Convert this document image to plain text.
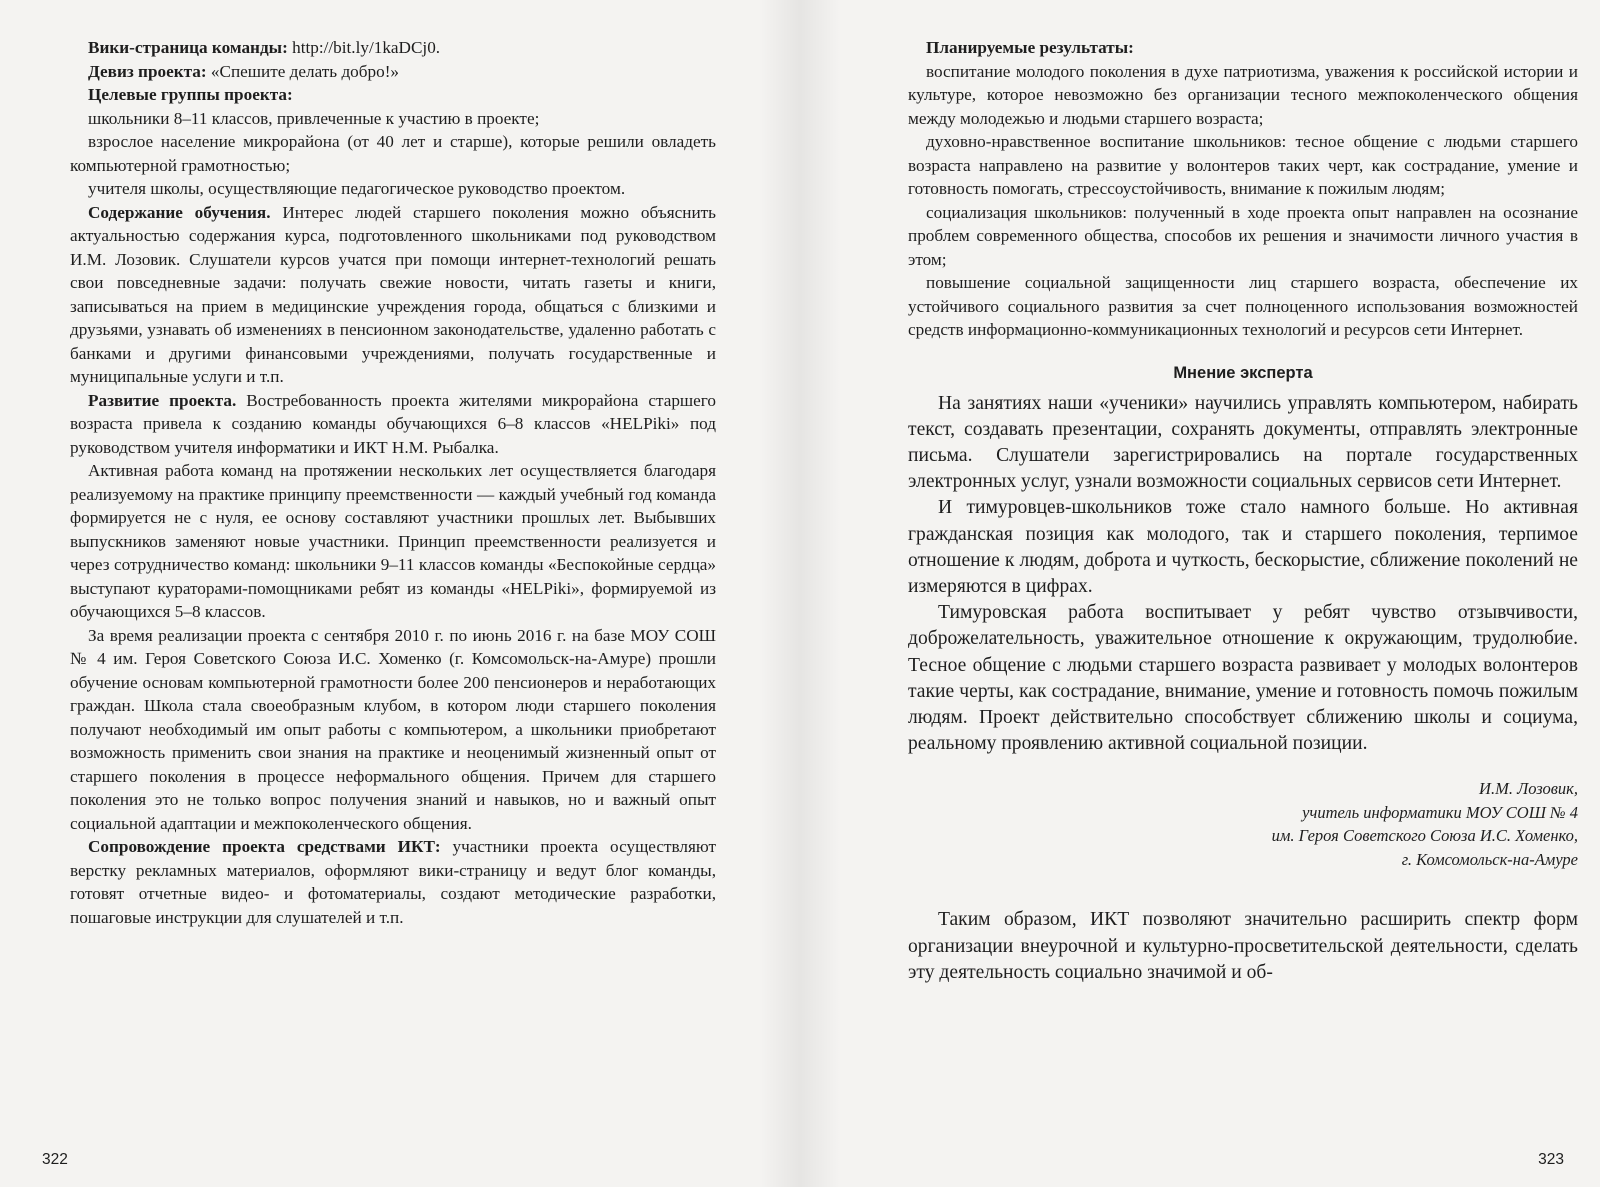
Вики-страница команды: http://bit.ly/1kaDCj0.

Девиз проекта: «Спешите делать добро!»

Целевые группы проекта:

школьники 8–11 классов, привлеченные к участию в проекте;

взрослое население микрорайона (от 40 лет и старше), которые решили овладеть компьютерной грамотностью;

учителя школы, осуществляющие педагогическое руководство проектом.

Содержание обучения. Интерес людей старшего поколения можно объяснить актуальностью содержания курса, подготовленного школьниками под руководством И.М. Лозовик. Слушатели курсов учатся при помощи интернет-технологий решать свои повседневные задачи: получать свежие новости, читать газеты и книги, записываться на прием в медицинские учреждения города, общаться с близкими и друзьями, узнавать об изменениях в пенсионном законодательстве, удаленно работать с банками и другими финансовыми учреждениями, получать государственные и муниципальные услуги и т.п.

Развитие проекта. Востребованность проекта жителями микрорайона старшего возраста привела к созданию команды обучающихся 6–8 классов «HELPiki» под руководством учителя информатики и ИКТ Н.М. Рыбалка.

Активная работа команд на протяжении нескольких лет осуществляется благодаря реализуемому на практике принципу преемственности — каждый учебный год команда формируется не с нуля, ее основу составляют участники прошлых лет. Выбывших выпускников заменяют новые участники. Принцип преемственности реализуется и через сотрудничество команд: школьники 9–11 классов команды «Беспокойные сердца» выступают кураторами-помощниками ребят из команды «HELPiki», формируемой из обучающихся 5–8 классов.

За время реализации проекта с сентября 2010 г. по июнь 2016 г. на базе МОУ СОШ № 4 им. Героя Советского Союза И.С. Хоменко (г. Комсомольск-на-Амуре) прошли обучение основам компьютерной грамотности более 200 пенсионеров и неработающих граждан. Школа стала своеобразным клубом, в котором люди старшего поколения получают необходимый им опыт работы с компьютером, а школьники приобретают возможность применить свои знания на практике и неоценимый жизненный опыт от старшего поколения в процессе неформального общения. Причем для старшего поколения это не только вопрос получения знаний и навыков, но и важный опыт социальной адаптации и межпоколенческого общения.

Сопровождение проекта средствами ИКТ: участники проекта осуществляют верстку рекламных материалов, оформляют вики-страницу и ведут блог команды, готовят отчетные видео- и фотоматериалы, создают методические разработки, пошаговые инструкции для слушателей и т.п.

322

Планируемые результаты:

воспитание молодого поколения в духе патриотизма, уважения к российской истории и культуре, которое невозможно без организации тесного межпоколенческого общения между молодежью и людьми старшего возраста;

духовно-нравственное воспитание школьников: тесное общение с людьми старшего возраста направлено на развитие у волонтеров таких черт, как сострадание, умение и готовность помогать, стрессоустойчивость, внимание к пожилым людям;

социализация школьников: полученный в ходе проекта опыт направлен на осознание проблем современного общества, способов их решения и значимости личного участия в этом;

повышение социальной защищенности лиц старшего возраста, обеспечение их устойчивого социального развития за счет полноценного использования возможностей средств информационно-коммуникационных технологий и ресурсов сети Интернет.

Мнение эксперта

На занятиях наши «ученики» научились управлять компьютером, набирать текст, создавать презентации, сохранять документы, отправлять электронные письма. Слушатели зарегистрировались на портале государственных электронных услуг, узнали возможности социальных сервисов сети Интернет.

И тимуровцев-школьников тоже стало намного больше. Но активная гражданская позиция как молодого, так и старшего поколения, терпимое отношение к людям, доброта и чуткость, бескорыстие, сближение поколений не измеряются в цифрах.

Тимуровская работа воспитывает у ребят чувство отзывчивости, доброжелательность, уважительное отношение к окружающим, трудолюбие. Тесное общение с людьми старшего возраста развивает у молодых волонтеров такие черты, как сострадание, внимание, умение и готовность помочь пожилым людям. Проект действительно способствует сближению школы и социума, реальному проявлению активной социальной позиции.

И.М. Лозовик,
учитель информатики МОУ СОШ № 4
им. Героя Советского Союза И.С. Хоменко,
г. Комсомольск-на-Амуре

Таким образом, ИКТ позволяют значительно расширить спектр форм организации внеурочной и культурно-просветительской деятельности, сделать эту деятельность социально значимой и об-

323
